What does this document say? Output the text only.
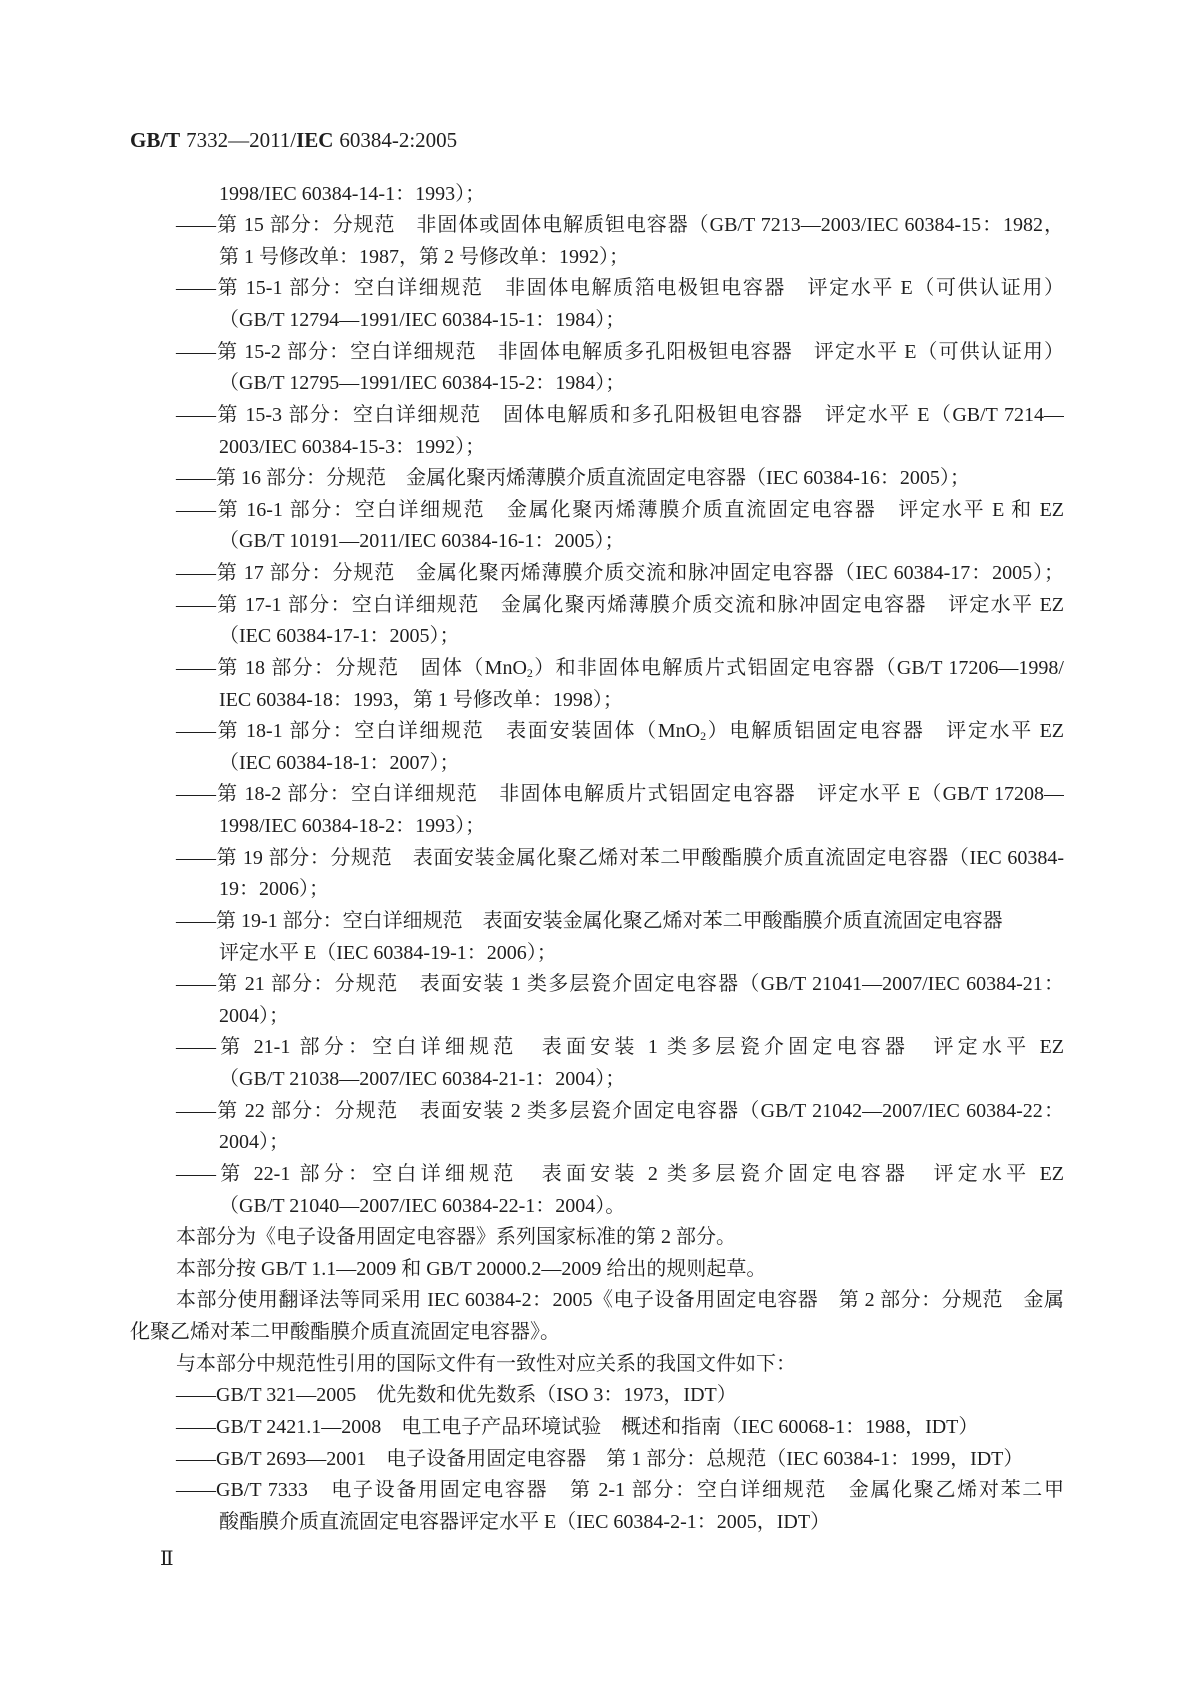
GB/T 7332—2011/IEC 60384-2:2005
1998/IEC 60384-14-1：1993）；
——第 15 部分：分规范　非固体或固体电解质钽电容器（GB/T 7213—2003/IEC 60384-15：1982，
第 1 号修改单：1987，第 2 号修改单：1992）；
——第 15-1 部分：空白详细规范　非固体电解质箔电极钽电容器　评定水平 E（可供认证用）
（GB/T 12794—1991/IEC 60384-15-1：1984）；
——第 15-2 部分：空白详细规范　非固体电解质多孔阳极钽电容器　评定水平 E（可供认证用）
（GB/T 12795—1991/IEC 60384-15-2：1984）；
——第 15-3 部分：空白详细规范　固体电解质和多孔阳极钽电容器　评定水平 E（GB/T 7214—
2003/IEC 60384-15-3：1992）；
——第 16 部分：分规范　金属化聚丙烯薄膜介质直流固定电容器（IEC 60384-16：2005）；
——第 16-1 部分：空白详细规范　金属化聚丙烯薄膜介质直流固定电容器　评定水平 E 和 EZ
（GB/T 10191—2011/IEC 60384-16-1：2005）；
——第 17 部分：分规范　金属化聚丙烯薄膜介质交流和脉冲固定电容器（IEC 60384-17：2005）；
——第 17-1 部分：空白详细规范　金属化聚丙烯薄膜介质交流和脉冲固定电容器　评定水平 EZ
（IEC 60384-17-1：2005）；
——第 18 部分：分规范　固体（MnO$_2$）和非固体电解质片式铝固定电容器（GB/T 17206—1998/
IEC 60384-18：1993，第 1 号修改单：1998）；
——第 18-1 部分：空白详细规范　表面安装固体（MnO$_2$）电解质铝固定电容器　评定水平 EZ
（IEC 60384-18-1：2007）；
——第 18-2 部分：空白详细规范　非固体电解质片式铝固定电容器　评定水平 E（GB/T 17208—
1998/IEC 60384-18-2：1993）；
——第 19 部分：分规范　表面安装金属化聚乙烯对苯二甲酸酯膜介质直流固定电容器（IEC 60384-
19：2006）；
——第 19-1 部分：空白详细规范　表面安装金属化聚乙烯对苯二甲酸酯膜介质直流固定电容器
评定水平 E（IEC 60384-19-1：2006）；
——第 21 部分：分规范　表面安装 1 类多层瓷介固定电容器（GB/T 21041—2007/IEC 60384-21：
2004）；
——第 21-1 部分：空白详细规范　表面安装 1 类多层瓷介固定电容器　评定水平 EZ
（GB/T 21038—2007/IEC 60384-21-1：2004）；
——第 22 部分：分规范　表面安装 2 类多层瓷介固定电容器（GB/T 21042—2007/IEC 60384-22：
2004）；
——第 22-1 部分：空白详细规范　表面安装 2 类多层瓷介固定电容器　评定水平 EZ
（GB/T 21040—2007/IEC 60384-22-1：2004）。
本部分为《电子设备用固定电容器》系列国家标准的第 2 部分。
本部分按 GB/T 1.1—2009 和 GB/T 20000.2—2009 给出的规则起草。
本部分使用翻译法等同采用 IEC 60384-2：2005《电子设备用固定电容器　第 2 部分：分规范　金属
化聚乙烯对苯二甲酸酯膜介质直流固定电容器》。
与本部分中规范性引用的国际文件有一致性对应关系的我国文件如下：
——GB/T 321—2005　优先数和优先数系（ISO 3：1973，IDT）
——GB/T 2421.1—2008　电工电子产品环境试验　概述和指南（IEC 60068-1：1988，IDT）
——GB/T 2693—2001　电子设备用固定电容器　第 1 部分：总规范（IEC 60384-1：1999，IDT）
——GB/T 7333　电子设备用固定电容器　第 2-1 部分：空白详细规范　金属化聚乙烯对苯二甲
酸酯膜介质直流固定电容器评定水平 E（IEC 60384-2-1：2005，IDT）
Ⅱ
